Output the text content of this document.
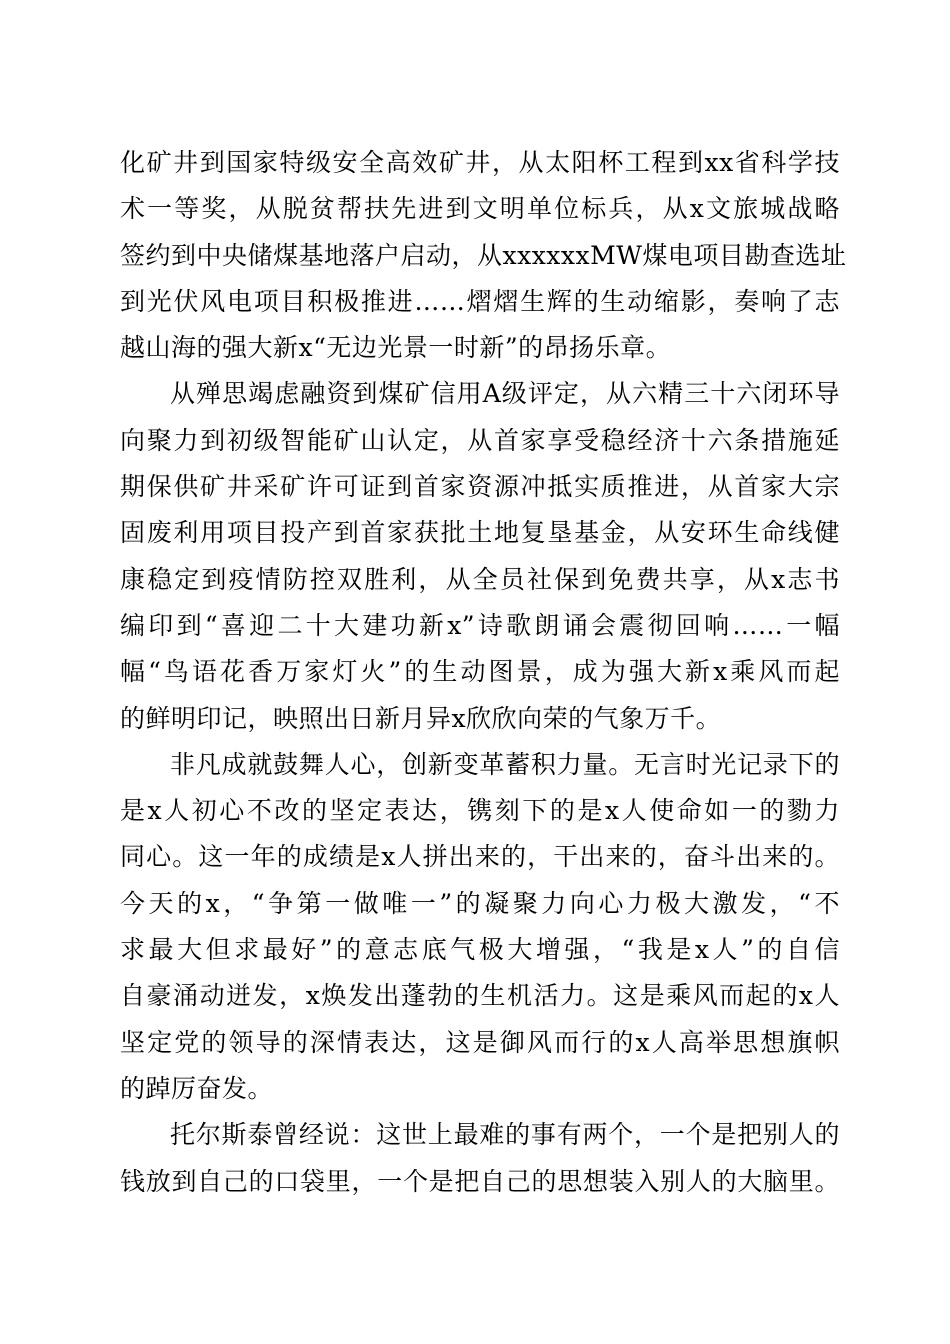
化矿井到国家特级安全高效矿井，从太阳杯工程到xx省科学技
术一等奖，从脱贫帮扶先进到文明单位标兵，从x文旅城战略
签约到中央储煤基地落户启动，从xxxxxxMW煤电项目勘查选址
到光伏风电项目积极推进……熠熠生辉的生动缩影，奏响了志
越山海的强大新x“无边光景一时新”的昂扬乐章。
从殚思竭虑融资到煤矿信用A级评定，从六精三十六闭环导
向聚力到初级智能矿山认定，从首家享受稳经济十六条措施延
期保供矿井采矿许可证到首家资源冲抵实质推进，从首家大宗
固废利用项目投产到首家获批土地复垦基金，从安环生命线健
康稳定到疫情防控双胜利，从全员社保到免费共享，从x志书
编印到“喜迎二十大建功新x”诗歌朗诵会震彻回响……一幅
幅“鸟语花香万家灯火”的生动图景，成为强大新x乘风而起
的鲜明印记，映照出日新月异x欣欣向荣的气象万千。
非凡成就鼓舞人心，创新变革蓄积力量。无言时光记录下的
是x人初心不改的坚定表达，镌刻下的是x人使命如一的勠力
同心。这一年的成绩是x人拼出来的，干出来的，奋斗出来的。
今天的x，“争第一做唯一”的凝聚力向心力极大激发，“不
求最大但求最好”的意志底气极大增强，“我是x人”的自信
自豪涌动迸发，x焕发出蓬勃的生机活力。这是乘风而起的x人
坚定党的领导的深情表达，这是御风而行的x人高举思想旗帜
的踔厉奋发。
托尔斯泰曾经说：这世上最难的事有两个，一个是把别人的
钱放到自己的口袋里，一个是把自己的思想装入别人的大脑里。
